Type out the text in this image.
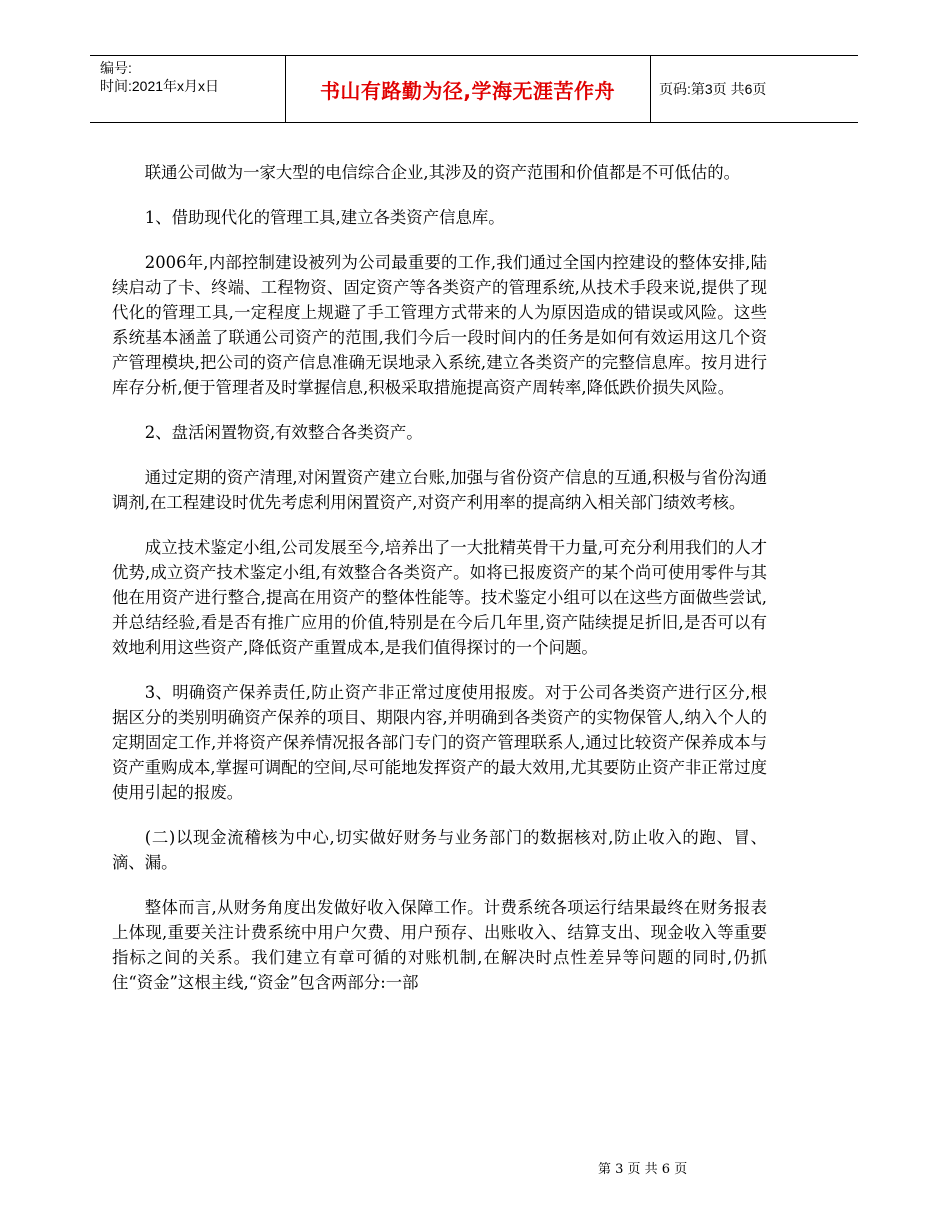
编号:
时间:2021年x月x日	书山有路勤为径,学海无涯苦作舟	页码:第3页 共6页

联通公司做为一家大型的电信综合企业,其涉及的资产范围和价值都是不可低估的。

1、借助现代化的管理工具,建立各类资产信息库。

2006年,内部控制建设被列为公司最重要的工作,我们通过全国内控建设的整体安排,陆续启动了卡、终端、工程物资、固定资产等各类资产的管理系统,从技术手段来说,提供了现代化的管理工具,一定程度上规避了手工管理方式带来的人为原因造成的错误或风险。这些系统基本涵盖了联通公司资产的范围,我们今后一段时间内的任务是如何有效运用这几个资产管理模块,把公司的资产信息准确无误地录入系统,建立各类资产的完整信息库。按月进行库存分析,便于管理者及时掌握信息,积极采取措施提高资产周转率,降低跌价损失风险。

2、盘活闲置物资,有效整合各类资产。

通过定期的资产清理,对闲置资产建立台账,加强与省份资产信息的互通,积极与省份沟通调剂,在工程建设时优先考虑利用闲置资产,对资产利用率的提高纳入相关部门绩效考核。

成立技术鉴定小组,公司发展至今,培养出了一大批精英骨干力量,可充分利用我们的人才优势,成立资产技术鉴定小组,有效整合各类资产。如将已报废资产的某个尚可使用零件与其他在用资产进行整合,提高在用资产的整体性能等。技术鉴定小组可以在这些方面做些尝试,并总结经验,看是否有推广应用的价值,特别是在今后几年里,资产陆续提足折旧,是否可以有效地利用这些资产,降低资产重置成本,是我们值得探讨的一个问题。

3、明确资产保养责任,防止资产非正常过度使用报废。对于公司各类资产进行区分,根据区分的类别明确资产保养的项目、期限内容,并明确到各类资产的实物保管人,纳入个人的定期固定工作,并将资产保养情况报各部门专门的资产管理联系人,通过比较资产保养成本与资产重购成本,掌握可调配的空间,尽可能地发挥资产的最大效用,尤其要防止资产非正常过度使用引起的报废。

(二)以现金流稽核为中心,切实做好财务与业务部门的数据核对,防止收入的跑、冒、滴、漏。

整体而言,从财务角度出发做好收入保障工作。计费系统各项运行结果最终在财务报表上体现,重要关注计费系统中用户欠费、用户预存、出账收入、结算支出、现金收入等重要指标之间的关系。我们建立有章可循的对账机制,在解决时点性差异等问题的同时,仍抓住“资金”这根主线,“资金”包含两部分:一部

第 3 页 共 6 页
